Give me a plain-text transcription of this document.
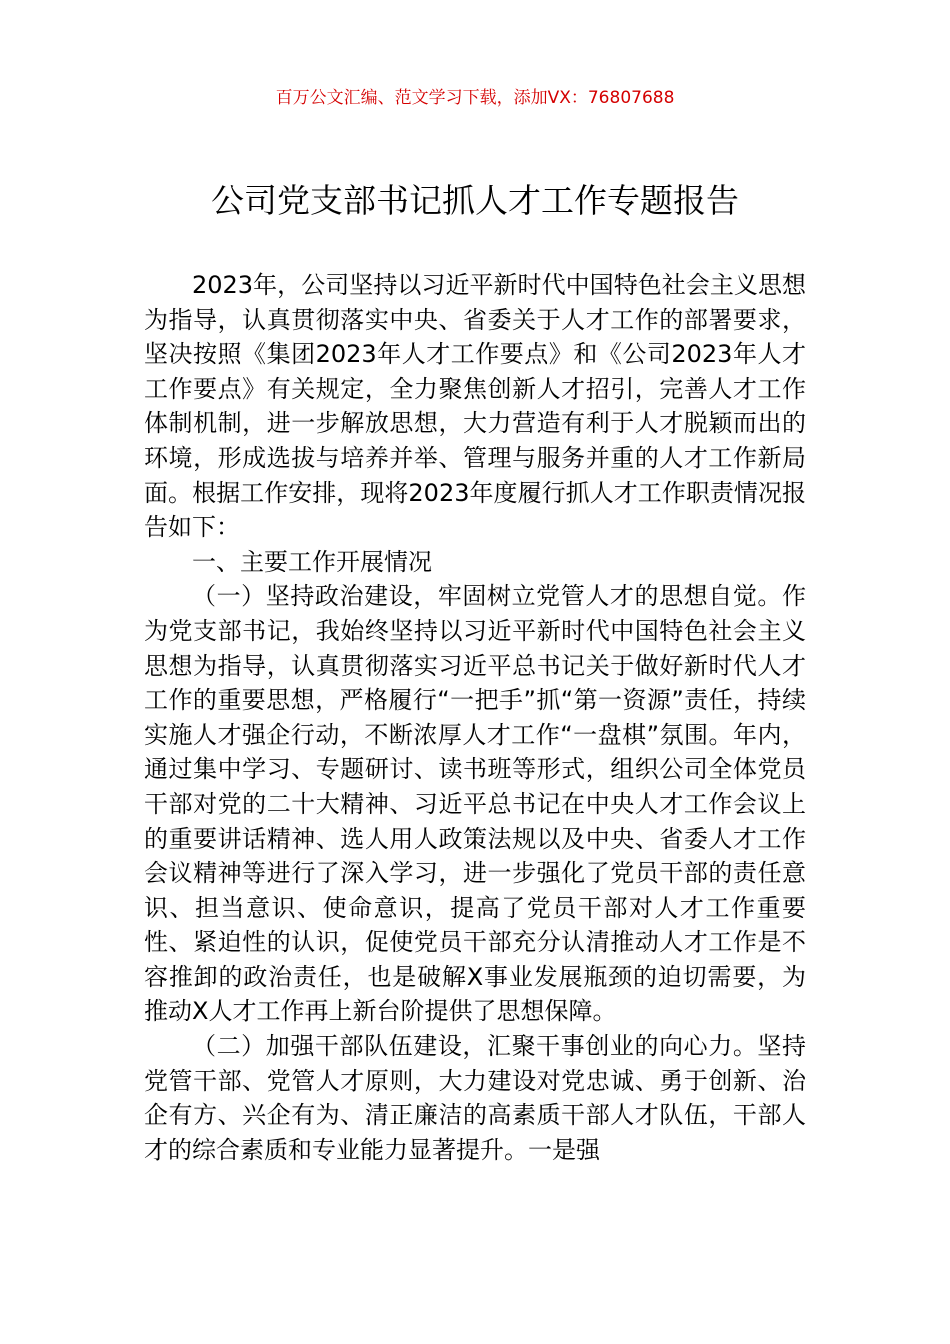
百万公文汇编、范文学习下载，添加VX：76807688
公司党支部书记抓人才工作专题报告

2023年，公司坚持以习近平新时代中国特色社会主义思想为指导，认真贯彻落实中央、省委关于人才工作的部署要求，坚决按照《集团2023年人才工作要点》和《公司2023年人才工作要点》有关规定，全力聚焦创新人才招引，完善人才工作体制机制，进一步解放思想，大力营造有利于人才脱颖而出的环境，形成选拔与培养并举、管理与服务并重的人才工作新局面。根据工作安排，现将2023年度履行抓人才工作职责情况报告如下：

一、主要工作开展情况

（一）坚持政治建设，牢固树立党管人才的思想自觉。作为党支部书记，我始终坚持以习近平新时代中国特色社会主义思想为指导，认真贯彻落实习近平总书记关于做好新时代人才工作的重要思想，严格履行“一把手”抓“第一资源”责任，持续实施人才强企行动，不断浓厚人才工作“一盘棋”氛围。年内，通过集中学习、专题研讨、读书班等形式，组织公司全体党员干部对党的二十大精神、习近平总书记在中央人才工作会议上的重要讲话精神、选人用人政策法规以及中央、省委人才工作会议精神等进行了深入学习，进一步强化了党员干部的责任意识、担当意识、使命意识，提高了党员干部对人才工作重要性、紧迫性的认识，促使党员干部充分认清推动人才工作是不容推卸的政治责任，也是破解X事业发展瓶颈的迫切需要，为推动X人才工作再上新台阶提供了思想保障。

（二）加强干部队伍建设，汇聚干事创业的向心力。坚持党管干部、党管人才原则，大力建设对党忠诚、勇于创新、治企有方、兴企有为、清正廉洁的高素质干部人才队伍，干部人才的综合素质和专业能力显著提升。一是强
